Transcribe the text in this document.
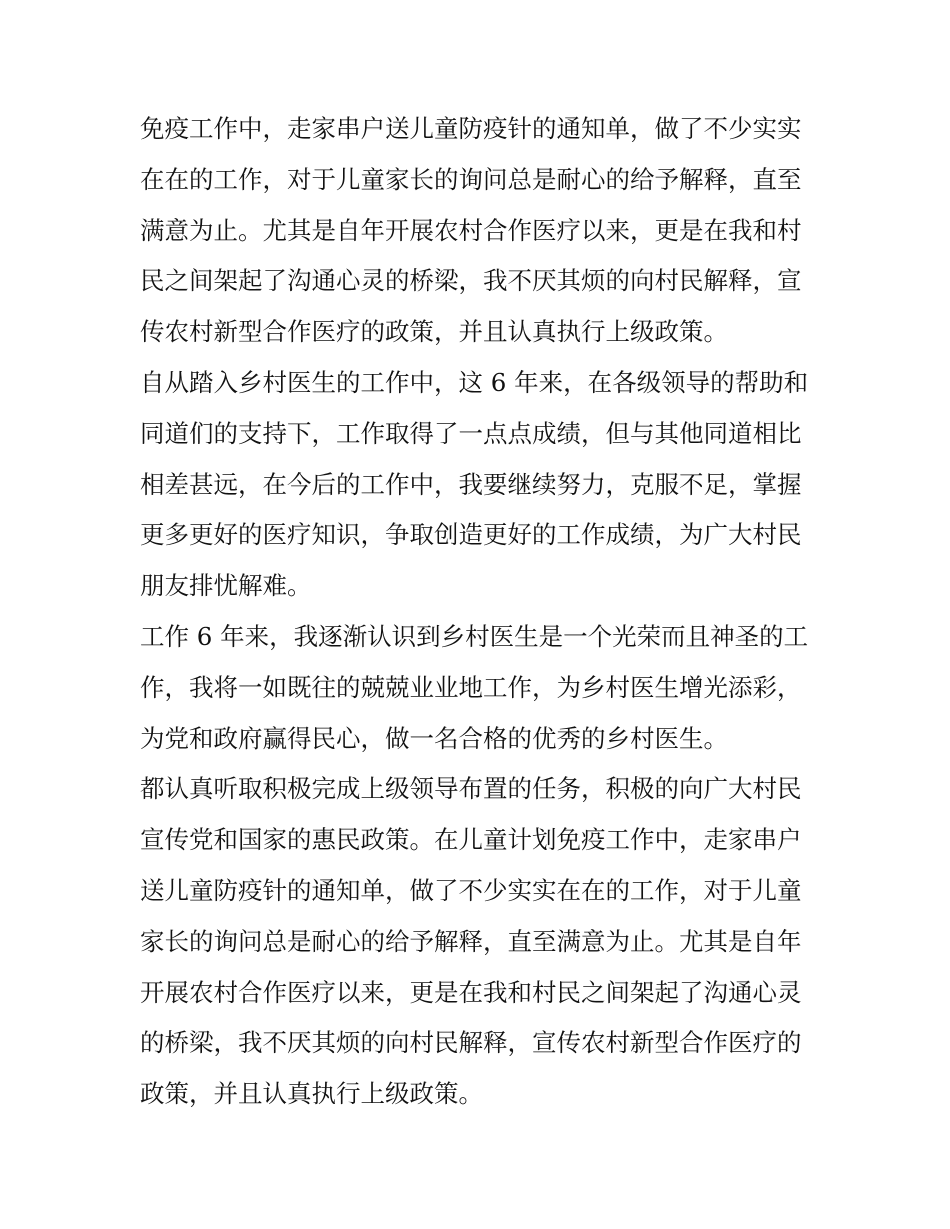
免疫工作中，走家串户送儿童防疫针的通知单，做了不少实实
在在的工作，对于儿童家长的询问总是耐心的给予解释，直至
满意为止。尤其是自年开展农村合作医疗以来，更是在我和村
民之间架起了沟通心灵的桥梁，我不厌其烦的向村民解释，宣
传农村新型合作医疗的政策，并且认真执行上级政策。
自从踏入乡村医生的工作中，这 6 年来，在各级领导的帮助和
同道们的支持下，工作取得了一点点成绩，但与其他同道相比
相差甚远，在今后的工作中，我要继续努力，克服不足，掌握
更多更好的医疗知识，争取创造更好的工作成绩，为广大村民
朋友排忧解难。
工作 6 年来，我逐渐认识到乡村医生是一个光荣而且神圣的工
作，我将一如既往的兢兢业业地工作，为乡村医生增光添彩，
为党和政府赢得民心，做一名合格的优秀的乡村医生。
都认真听取积极完成上级领导布置的任务，积极的向广大村民
宣传党和国家的惠民政策。在儿童计划免疫工作中，走家串户
送儿童防疫针的通知单，做了不少实实在在的工作，对于儿童
家长的询问总是耐心的给予解释，直至满意为止。尤其是自年
开展农村合作医疗以来，更是在我和村民之间架起了沟通心灵
的桥梁，我不厌其烦的向村民解释，宣传农村新型合作医疗的
政策，并且认真执行上级政策。
